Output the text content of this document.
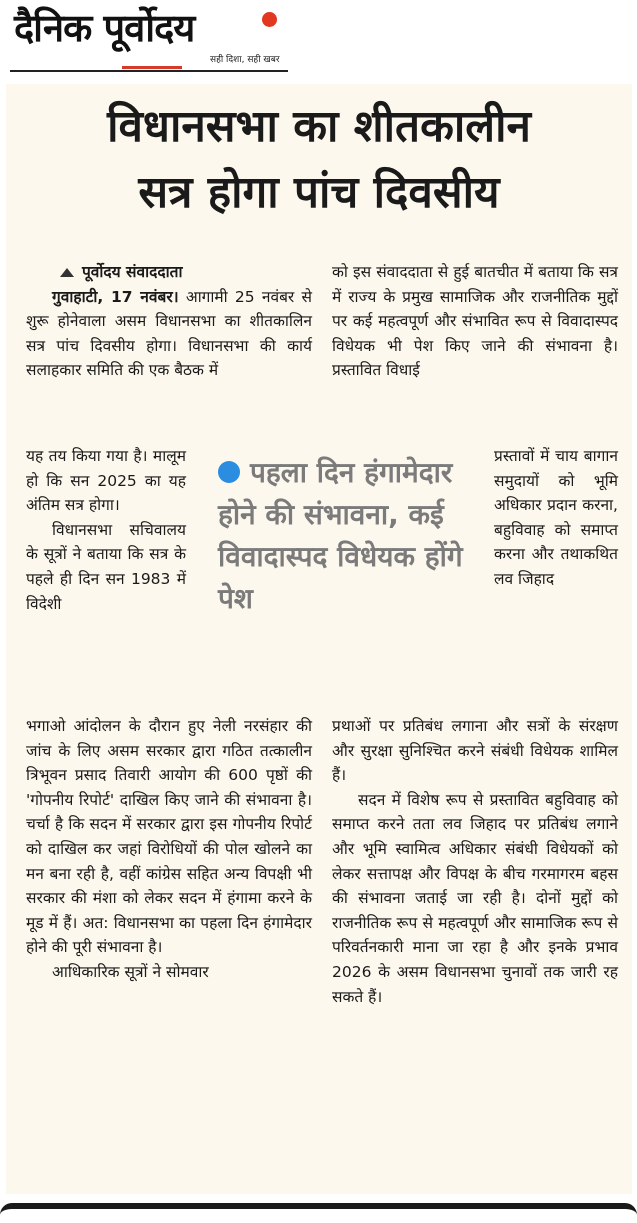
दैनिक पूर्वोदय
सही दिशा, सही खबर
विधानसभा का शीतकालीन
सत्र होगा पांच दिवसीय
पूर्वोदय संवाददाता

गुवाहाटी, 17 नवंबर। आगामी 25 नवंबर से शुरू होनेवाला असम विधानसभा का शीतकालिन सत्र पांच दिवसीय होगा। विधानसभा की कार्य सलाहकार समिति की एक बैठक में

यह तय किया गया है। मालूम हो कि सन 2025 का यह अंतिम सत्र होगा।

विधानसभा सचिवालय के सूत्रों ने बताया कि सत्र के पहले ही दिन सन 1983 में विदेशी

पहला दिन हंगामेदार होने की संभावना, कई विवादास्पद विधेयक होंगे पेश

भगाओ आंदोलन के दौरान हुए नेली नरसंहार की जांच के लिए असम सरकार द्वारा गठित तत्कालीन त्रिभूवन प्रसाद तिवारी आयोग की 600 पृष्ठों की 'गोपनीय रिपोर्ट' दाखिल किए जाने की संभावना है। चर्चा है कि सदन में सरकार द्वारा इस गोपनीय रिपोर्ट को दाखिल कर जहां विरोधियों की पोल खोलने का मन बना रही है, वहीं कांग्रेस सहित अन्य विपक्षी भी सरकार की मंशा को लेकर सदन में हंगामा करने के मूड में हैं। अत: विधानसभा का पहला दिन हंगामेदार होने की पूरी संभावना है।

आधिकारिक सूत्रों ने सोमवार

को इस संवाददाता से हुई बातचीत में बताया कि सत्र में राज्य के प्रमुख सामाजिक और राजनीतिक मुद्दों पर कई महत्वपूर्ण और संभावित रूप से विवादास्पद विधेयक भी पेश किए जाने की संभावना है। प्रस्तावित विधाई

प्रस्तावों में चाय बागान समुदायों को भूमि अधिकार प्रदान करना, बहुविवाह को समाप्त करना और तथाकथित लव जिहाद

प्रथाओं पर प्रतिबंध लगाना और सत्रों के संरक्षण और सुरक्षा सुनिश्चित करने संबंधी विधेयक शामिल हैं।

सदन में विशेष रूप से प्रस्तावित बहुविवाह को समाप्त करने तता लव जिहाद पर प्रतिबंध लगाने और भूमि स्वामित्व अधिकार संबंधी विधेयकों को लेकर सत्तापक्ष और विपक्ष के बीच गरमागरम बहस की संभावना जताई जा रही है। दोनों मुद्दों को राजनीतिक रूप से महत्वपूर्ण और सामाजिक रूप से परिवर्तनकारी माना जा रहा है और इनके प्रभाव 2026 के असम विधानसभा चुनावों तक जारी रह सकते हैं।
